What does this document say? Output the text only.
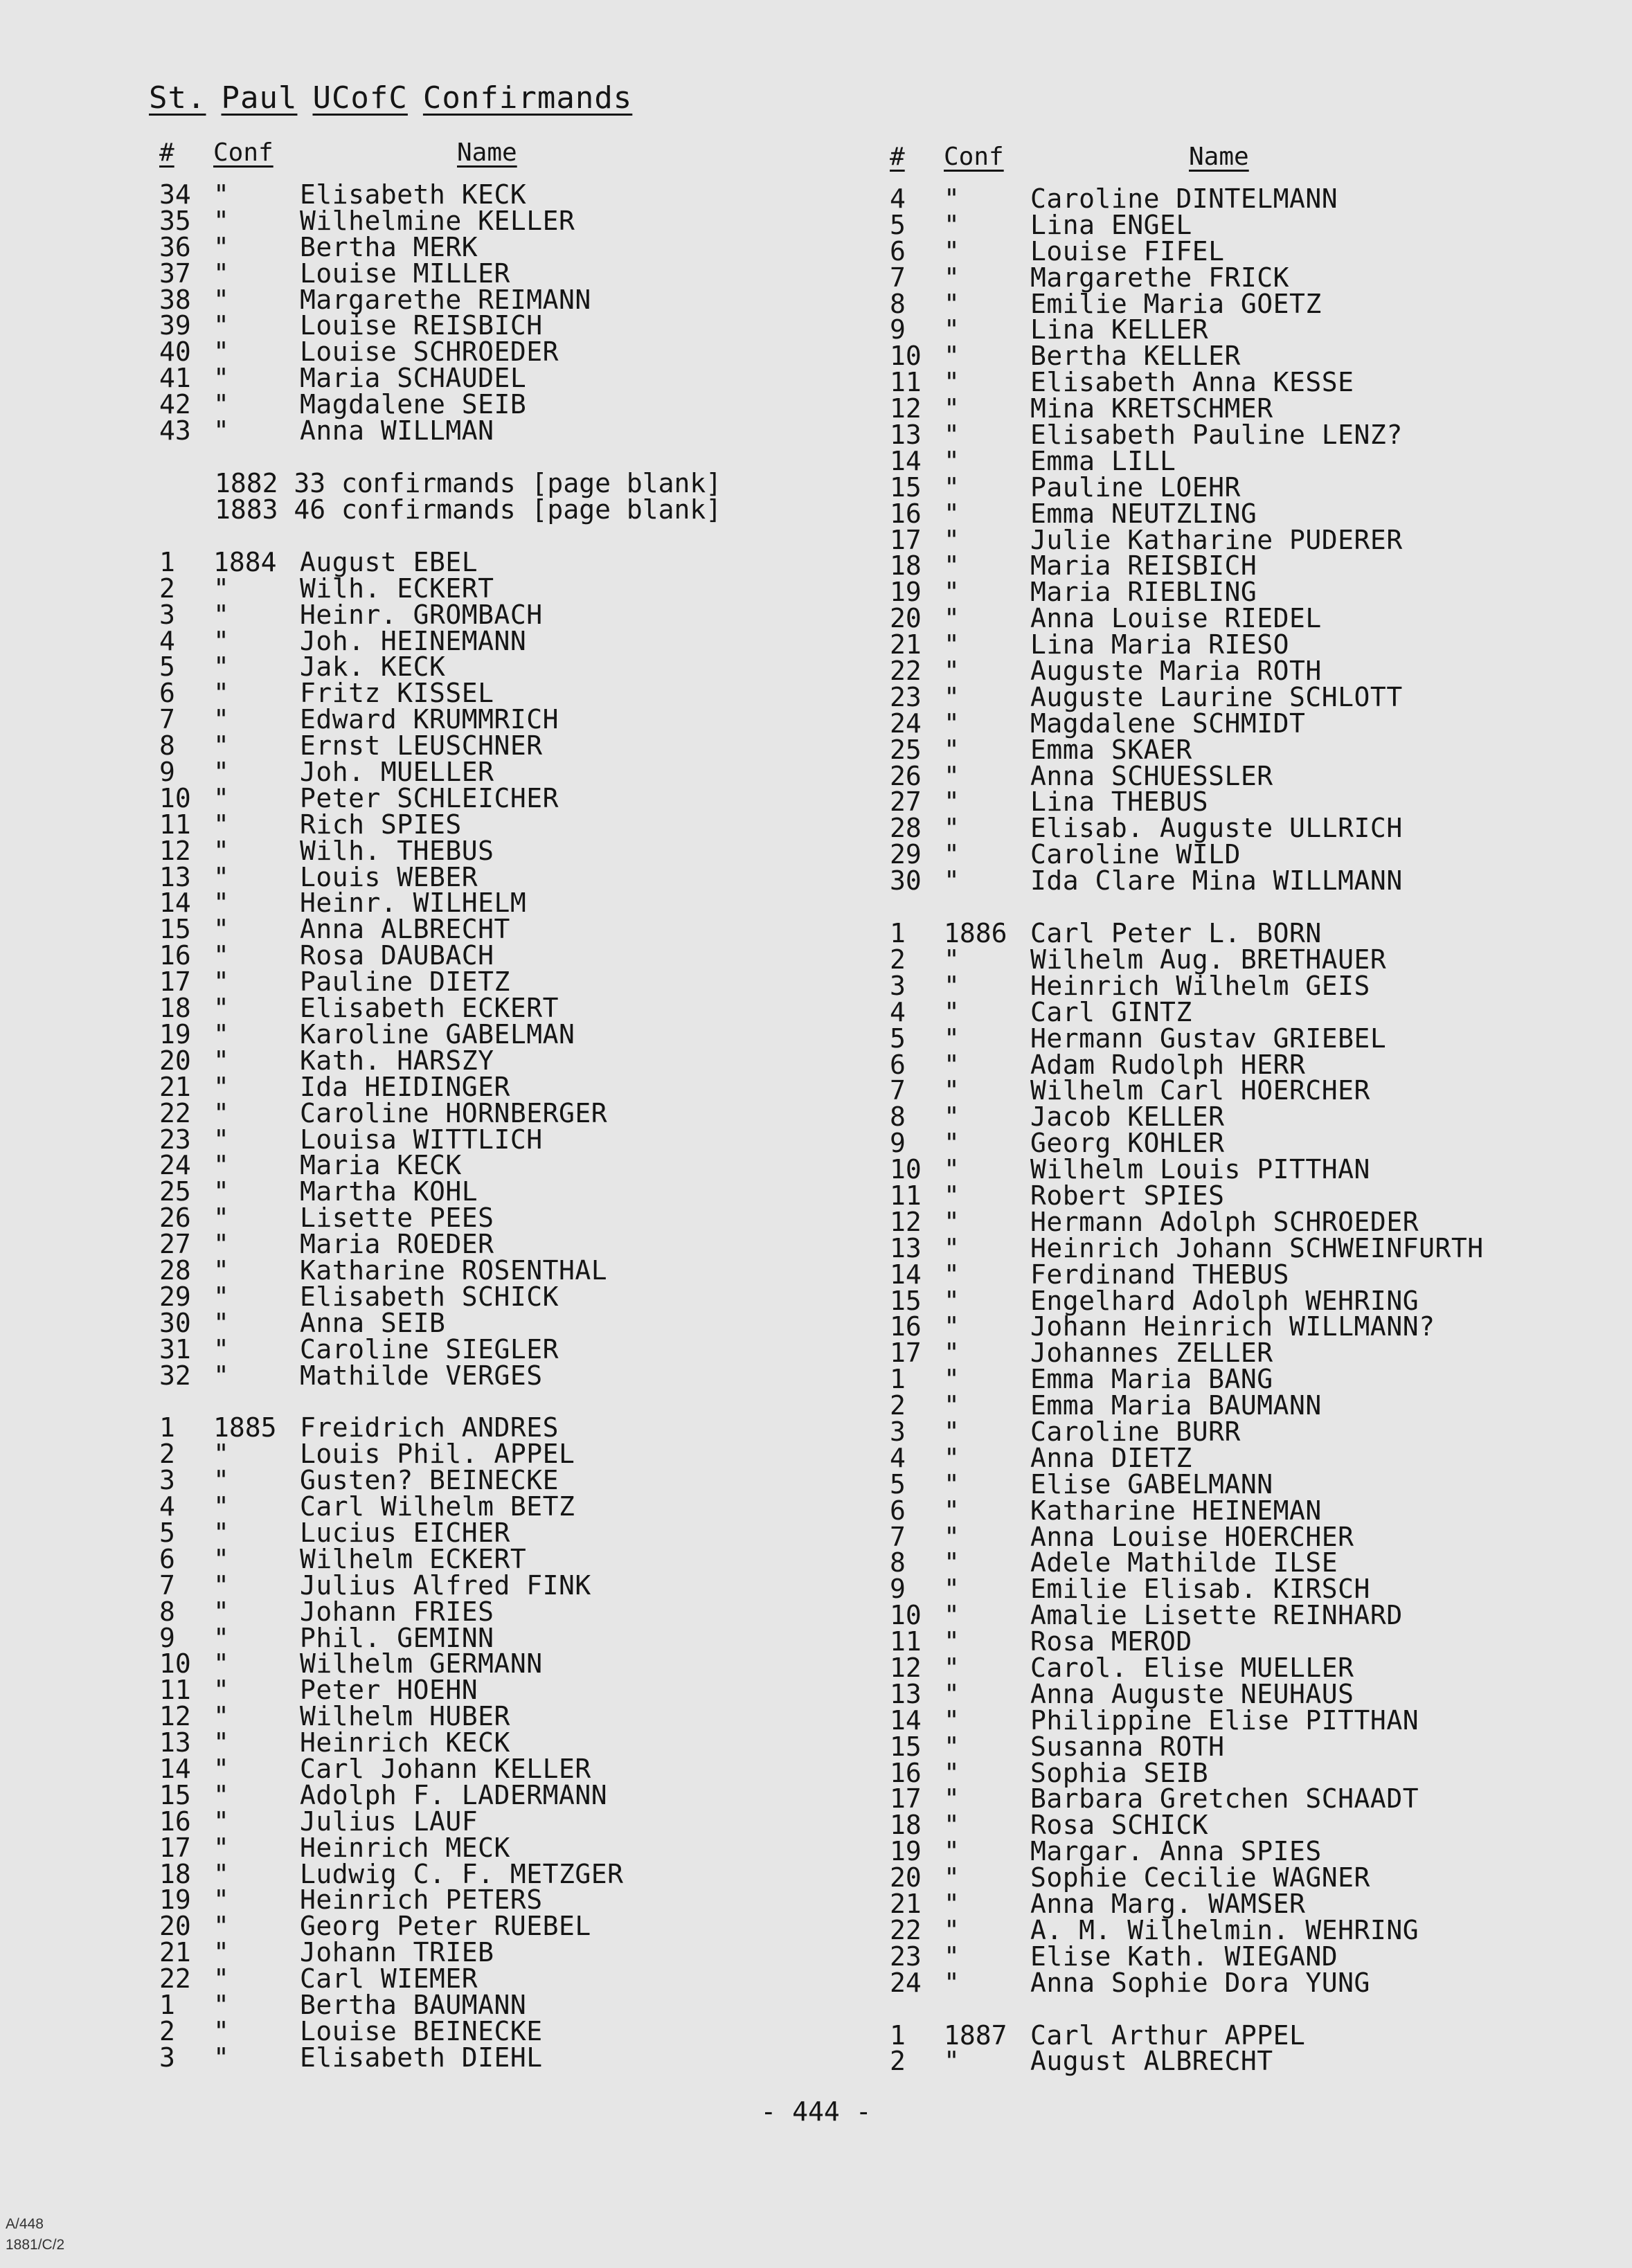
St. Paul UCofC Confirmands
# Conf	Name
34 "	Elisabeth KECK
35 "	Wilhelmine KELLER
36 "	Bertha MERK
37 "	Louise MILLER
38 "	Margarethe REIMANN
39 "	Louise REISBICH
40 "	Louise SCHROEDER
41 "	Maria SCHAUDEL
42 "	Magdalene SEIB
43 "	Anna WILLMAN
1882 33 confirmands [page blank]
1883 46 confirmands [page blank]
1 1884 August EBEL
2 "	Wilh. ECKERT
3 "	Heinr. GROMBACH
4 "	Joh. HEINEMANN
5 "	Jak. KECK
6 "	Fritz KISSEL
7 "	Edward KRUMMRICH
8 "	Ernst LEUSCHNER
9 "	Joh. MUELLER
10 "	Peter SCHLEICHER
11 "	Rich SPIES
12 "	Wilh. THEBUS
13 "	Louis WEBER
14 "	Heinr. WILHELM
15 "	Anna ALBRECHT
16 "	Rosa DAUBACH
17 "	Pauline DIETZ
18 "	Elisabeth ECKERT
19 "	Karoline GABELMAN
20 "	Kath. HARSZY
21 "	Ida HEIDINGER
22 "	Caroline HORNBERGER
23 "	Louisa WITTLICH
24 "	Maria KECK
25 "	Martha KOHL
26 "	Lisette PEES
27 "	Maria ROEDER
28 "	Katharine ROSENTHAL
29 "	Elisabeth SCHICK
30 "	Anna SEIB
31 "	Caroline SIEGLER
32 "	Mathilde VERGES
1 1885 Freidrich ANDRES
2 "	Louis Phil. APPEL
3 "	Gusten? BEINECKE
4 "	Carl Wilhelm BETZ
5 "	Lucius EICHER
6 "	Wilhelm ECKERT
7 "	Julius Alfred FINK
8 "	Johann FRIES
9 "	Phil. GEMINN
10 "	Wilhelm GERMANN
11 "	Peter HOEHN
12 "	Wilhelm HUBER
13 "	Heinrich KECK
14 "	Carl Johann KELLER
15 "	Adolph F. LADERMANN
16 "	Julius LAUF
17 "	Heinrich MECK
18 "	Ludwig C. F. METZGER
19 "	Heinrich PETERS
20 "	Georg Peter RUEBEL
21 "	Johann TRIEB
22 "	Carl WIEMER
1 "	Bertha BAUMANN
2 "	Louise BEINECKE
3 "	Elisabeth DIEHL
# Conf	Name
4 "	Caroline DINTELMANN
5 "	Lina ENGEL
6 "	Louise FIFEL
7 "	Margarethe FRICK
8 "	Emilie Maria GOETZ
9 "	Lina KELLER
10 "	Bertha KELLER
11 "	Elisabeth Anna KESSE
12 "	Mina KRETSCHMER
13 "	Elisabeth Pauline LENZ?
14 "	Emma LILL
15 "	Pauline LOEHR
16 "	Emma NEUTZLING
17 "	Julie Katharine PUDERER
18 "	Maria REISBICH
19 "	Maria RIEBLING
20 "	Anna Louise RIEDEL
21 "	Lina Maria RIESO
22 "	Auguste Maria ROTH
23 "	Auguste Laurine SCHLOTT
24 "	Magdalene SCHMIDT
25 "	Emma SKAER
26 "	Anna SCHUESSLER
27 "	Lina THEBUS
28 "	Elisab. Auguste ULLRICH
29 "	Caroline WILD
30 "	Ida Clare Mina WILLMANN
1 1886 Carl Peter L. BORN
2 "	Wilhelm Aug. BRETHAUER
3 "	Heinrich Wilhelm GEIS
4 "	Carl GINTZ
5 "	Hermann Gustav GRIEBEL
6 "	Adam Rudolph HERR
7 "	Wilhelm Carl HOERCHER
8 "	Jacob KELLER
9 "	Georg KOHLER
10 "	Wilhelm Louis PITTHAN
11 "	Robert SPIES
12 "	Hermann Adolph SCHROEDER
13 "	Heinrich Johann SCHWEINFURTH
14 "	Ferdinand THEBUS
15 "	Engelhard Adolph WEHRING
16 "	Johann Heinrich WILLMANN?
17 "	Johannes ZELLER
1 "	Emma Maria BANG
2 "	Emma Maria BAUMANN
3 "	Caroline BURR
4 "	Anna DIETZ
5 "	Elise GABELMANN
6 "	Katharine HEINEMAN
7 "	Anna Louise HOERCHER
8 "	Adele Mathilde ILSE
9 "	Emilie Elisab. KIRSCH
10 "	Amalie Lisette REINHARD
11 "	Rosa MEROD
12 "	Carol. Elise MUELLER
13 "	Anna Auguste NEUHAUS
14 "	Philippine Elise PITTHAN
15 "	Susanna ROTH
16 "	Sophia SEIB
17 "	Barbara Gretchen SCHAADT
18 "	Rosa SCHICK
19 "	Margar. Anna SPIES
20 "	Sophie Cecilie WAGNER
21 "	Anna Marg. WAMSER
22 "	A. M. Wilhelmin. WEHRING
23 "	Elise Kath. WIEGAND
24 "	Anna Sophie Dora YUNG
1 1887 Carl Arthur APPEL
2 "	August ALBRECHT

- 444 -

A/448
1881/C/2
